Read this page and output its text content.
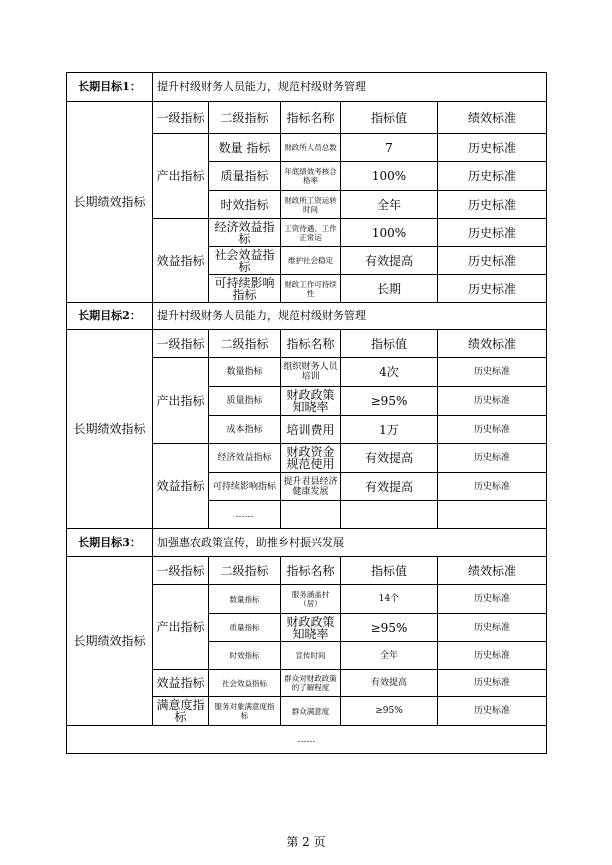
长期目标1：	提升村级财务人员能力，规范村级财务管理				
长期绩效指标	一级指标	二级指标	指标名称	指标值	绩效标准
	产出指标	数量 指标	财政所人员总数	7	历史标准
		质量指标	年底绩效考核合格率	100%	历史标准
		时效指标	财政所工资运转时间	全年	历史标准
	效益指标	经济效益指标	工资待遇、工作正常运	100%	历史标准
		社会效益指标	维护社会稳定	有效提高	历史标准
		可持续影响指标	财政工作可持续性	长期	历史标准
长期目标2：	提升村级财务人员能力，规范村级财务管理				
长期绩效指标	一级指标	二级指标	指标名称	指标值	绩效标准
	产出指标	数量指标	组织财务人员培训	4次	历史标准
		质量指标	财政政策知晓率	≥95%	历史标准
		成本指标	培训费用	1万	历史标准
	效益指标	经济效益指标	财政资金规范使用	有效提高	历史标准
		可持续影响指标	提升君县经济健康发展	有效提高	历史标准
		……			
长期目标3：	加强惠农政策宣传，助推乡村振兴发展				
长期绩效指标	一级指标	二级指标	指标名称	指标值	绩效标准
	产出指标	数量指标	服务涵盖村（居）	14个	历史标准
		质量指标	财政政策知晓率	≥95%	历史标准
		时效指标	宣传时间	全年	历史标准
	效益指标	社会效益指标	群众对财政政策的了解程度	有效提高	历史标准
	满意度指标	服务对象满意度指标	群众满意度	≥95%	历史标准
……					
第 2 页
